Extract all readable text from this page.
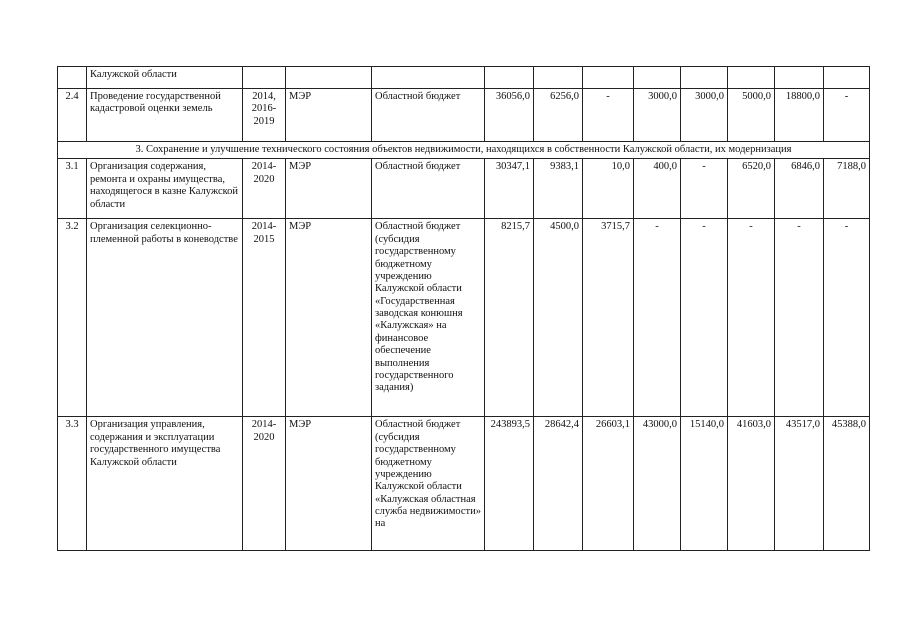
	Калужской области											
2.4	Проведение государственной кадастровой оценки земель	2014, 2016-2019	МЭР	Областной бюджет	36056,0	6256,0	-	3000,0	3000,0	5000,0	18800,0	-
3. Сохранение и улучшение технического состояния объектов недвижимости, находящихся в собственности Калужской области, их модернизация												
3.1	Организация содержания, ремонта и охраны имущества, находящегося в казне Калужской области	2014-2020	МЭР	Областной бюджет	30347,1	9383,1	10,0	400,0	-	6520,0	6846,0	7188,0
3.2	Организация селекционно-племенной работы в коневодстве	2014-2015	МЭР	Областной бюджет (субсидия государственному бюджетному учреждению Калужской области «Государственная заводская конюшня «Калужская» на финансовое обеспечение выполнения государственного задания)	8215,7	4500,0	3715,7	-	-	-	-	-
3.3	Организация управления, содержания и эксплуатации государственного имущества Калужской области	2014-2020	МЭР	Областной бюджет (субсидия государственному бюджетному учреждению Калужской области «Калужская областная служба недвижимости» на	243893,5	28642,4	26603,1	43000,0	15140,0	41603,0	43517,0	45388,0
